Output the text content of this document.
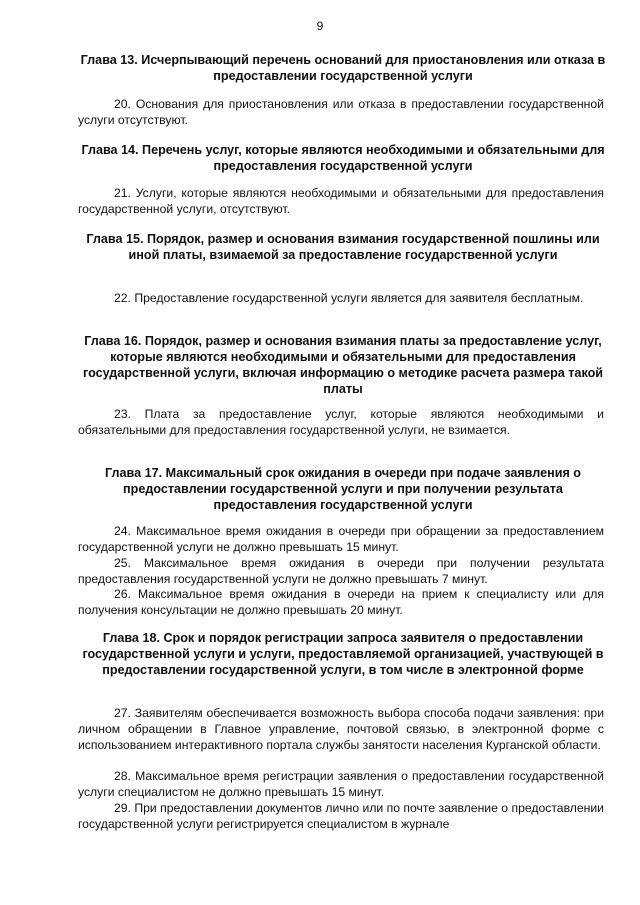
9
Глава 13. Исчерпывающий перечень оснований для приостановления или отказа в предоставлении государственной услуги

20. Основания для приостановления или отказа в предоставлении государственной услуги отсутствуют.

Глава 14. Перечень услуг, которые являются необходимыми и обязательными для предоставления государственной услуги

21. Услуги, которые являются необходимыми и обязательными для предоставления государственной услуги, отсутствуют.

Глава 15. Порядок, размер и основания взимания государственной пошлины или иной платы, взимаемой за предоставление государственной услуги

22. Предоставление государственной услуги является для заявителя бесплатным.

Глава 16. Порядок, размер и основания взимания платы за предоставление услуг, которые являются необходимыми и обязательными для предоставления государственной услуги, включая информацию о методике расчета размера такой платы

23. Плата за предоставление услуг, которые являются необходимыми и обязательными для предоставления государственной услуги, не взимается.

Глава 17. Максимальный срок ожидания в очереди при подаче заявления о предоставлении государственной услуги и при получении результата предоставления государственной услуги

24. Максимальное время ожидания в очереди при обращении за предоставлением государственной услуги не должно превышать 15 минут.

25. Максимальное время ожидания в очереди при получении результата предоставления государственной услуги не должно превышать 7 минут.

26. Максимальное время ожидания в очереди на прием к специалисту или для получения консультации не должно превышать 20 минут.

Глава 18. Срок и порядок регистрации запроса заявителя о предоставлении государственной услуги и услуги, предоставляемой организацией, участвующей в предоставлении государственной услуги, в том числе в электронной форме

27. Заявителям обеспечивается возможность выбора способа подачи заявления: при личном обращении в Главное управление, почтовой связью, в электронной форме с использованием интерактивного портала службы занятости населения Курганской области.

28. Максимальное время регистрации заявления о предоставлении государственной услуги специалистом не должно превышать 15 минут.

29. При предоставлении документов лично или по почте заявление о предоставлении государственной услуги регистрируется специалистом в журнале
